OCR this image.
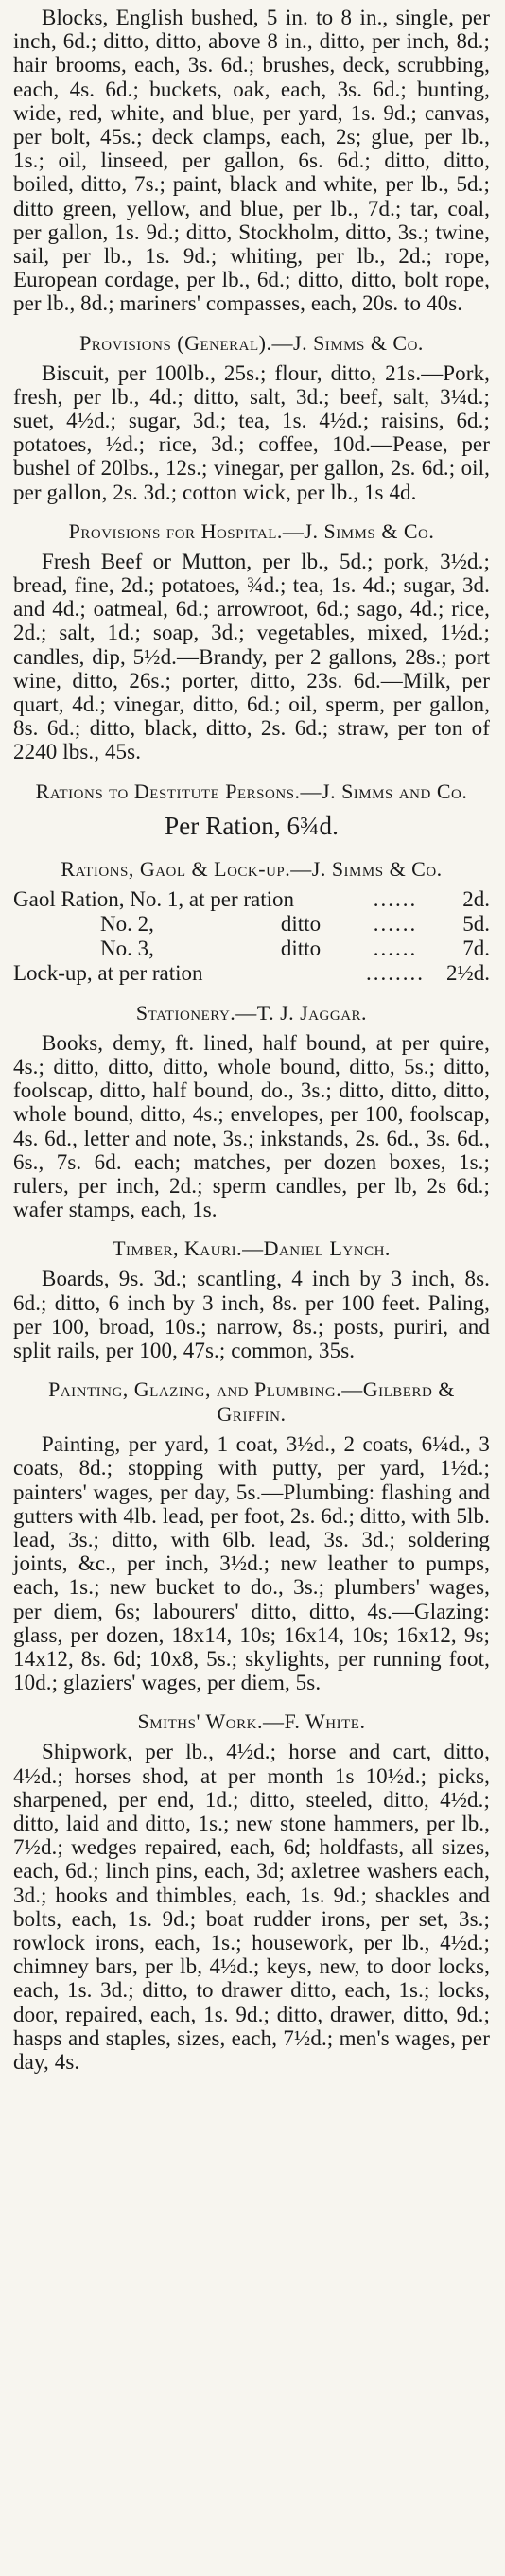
Blocks, English bushed, 5 in. to 8 in., single, per inch, 6d.; ditto, ditto, above 8 in., ditto, per inch, 8d.; hair brooms, each, 3s. 6d.; brushes, deck, scrubbing, each, 4s. 6d.; buckets, oak, each, 3s. 6d.; bunting, wide, red, white, and blue, per yard, 1s. 9d.; canvas, per bolt, 45s.; deck clamps, each, 2s; glue, per lb., 1s.; oil, linseed, per gallon, 6s. 6d.; ditto, ditto, boiled, ditto, 7s.; paint, black and white, per lb., 5d.; ditto green, yellow, and blue, per lb., 7d.; tar, coal, per gallon, 1s. 9d.; ditto, Stockholm, ditto, 3s.; twine, sail, per lb., 1s. 9d.; whiting, per lb., 2d.; rope, European cordage, per lb., 6d.; ditto, ditto, bolt rope, per lb., 8d.; mariners' compasses, each, 20s. to 40s.

Provisions (General).—J. Simms & Co.

Biscuit, per 100lb., 25s.; flour, ditto, 21s.—Pork, fresh, per lb., 4d.; ditto, salt, 3d.; beef, salt, 3¼d.; suet, 4½d.; sugar, 3d.; tea, 1s. 4½d.; raisins, 6d.; potatoes, ½d.; rice, 3d.; coffee, 10d.—Pease, per bushel of 20lbs., 12s.; vinegar, per gallon, 2s. 6d.; oil, per gallon, 2s. 3d.; cotton wick, per lb., 1s 4d.

Provisions for Hospital.—J. Simms & Co.

Fresh Beef or Mutton, per lb., 5d.; pork, 3½d.; bread, fine, 2d.; potatoes, ¾d.; tea, 1s. 4d.; sugar, 3d. and 4d.; oatmeal, 6d.; arrowroot, 6d.; sago, 4d.; rice, 2d.; salt, 1d.; soap, 3d.; vegetables, mixed, 1½d.; candles, dip, 5½d.—Brandy, per 2 gallons, 28s.; port wine, ditto, 26s.; porter, ditto, 23s. 6d.—Milk, per quart, 4d.; vinegar, ditto, 6d.; oil, sperm, per gallon, 8s. 6d.; ditto, black, ditto, 2s. 6d.; straw, per ton of 2240 lbs., 45s.

Rations to Destitute Persons.—J. Simms and Co.

Per Ration, 6¾d.

Rations, Gaol & Lock-up.—J. Simms & Co.

Gaol Ration, No. 1, at per ration	......	2d.
No. 2,	ditto	......	5d.
No. 3,	ditto	......	7d.
Lock-up, at per ration	........	2½d.

Stationery.—T. J. Jaggar.

Books, demy, ft. lined, half bound, at per quire, 4s.; ditto, ditto, ditto, whole bound, ditto, 5s.; ditto, foolscap, ditto, half bound, do., 3s.; ditto, ditto, ditto, whole bound, ditto, 4s.; envelopes, per 100, foolscap, 4s. 6d., letter and note, 3s.; inkstands, 2s. 6d., 3s. 6d., 6s., 7s. 6d. each; matches, per dozen boxes, 1s.; rulers, per inch, 2d.; sperm candles, per lb, 2s 6d.; wafer stamps, each, 1s.

Timber, Kauri.—Daniel Lynch.

Boards, 9s. 3d.; scantling, 4 inch by 3 inch, 8s. 6d.; ditto, 6 inch by 3 inch, 8s. per 100 feet. Paling, per 100, broad, 10s.; narrow, 8s.; posts, puriri, and split rails, per 100, 47s.; common, 35s.

Painting, Glazing, and Plumbing.—Gilberd & Griffin.

Painting, per yard, 1 coat, 3½d., 2 coats, 6¼d., 3 coats, 8d.; stopping with putty, per yard, 1½d.; painters' wages, per day, 5s.—Plumbing: flashing and gutters with 4lb. lead, per foot, 2s. 6d.; ditto, with 5lb. lead, 3s.; ditto, with 6lb. lead, 3s. 3d.; soldering joints, &c., per inch, 3½d.; new leather to pumps, each, 1s.; new bucket to do., 3s.; plumbers' wages, per diem, 6s; labourers' ditto, ditto, 4s.—Glazing: glass, per dozen, 18x14, 10s; 16x14, 10s; 16x12, 9s; 14x12, 8s. 6d; 10x8, 5s.; skylights, per running foot, 10d.; glaziers' wages, per diem, 5s.

Smiths' Work.—F. White.

Shipwork, per lb., 4½d.; horse and cart, ditto, 4½d.; horses shod, at per month 1s 10½d.; picks, sharpened, per end, 1d.; ditto, steeled, ditto, 4½d.; ditto, laid and ditto, 1s.; new stone hammers, per lb., 7½d.; wedges repaired, each, 6d; holdfasts, all sizes, each, 6d.; linch pins, each, 3d; axletree washers each, 3d.; hooks and thimbles, each, 1s. 9d.; shackles and bolts, each, 1s. 9d.; boat rudder irons, per set, 3s.; rowlock irons, each, 1s.; housework, per lb., 4½d.; chimney bars, per lb, 4½d.; keys, new, to door locks, each, 1s. 3d.; ditto, to drawer ditto, each, 1s.; locks, door, repaired, each, 1s. 9d.; ditto, drawer, ditto, 9d.; hasps and staples, sizes, each, 7½d.; men's wages, per day, 4s.
